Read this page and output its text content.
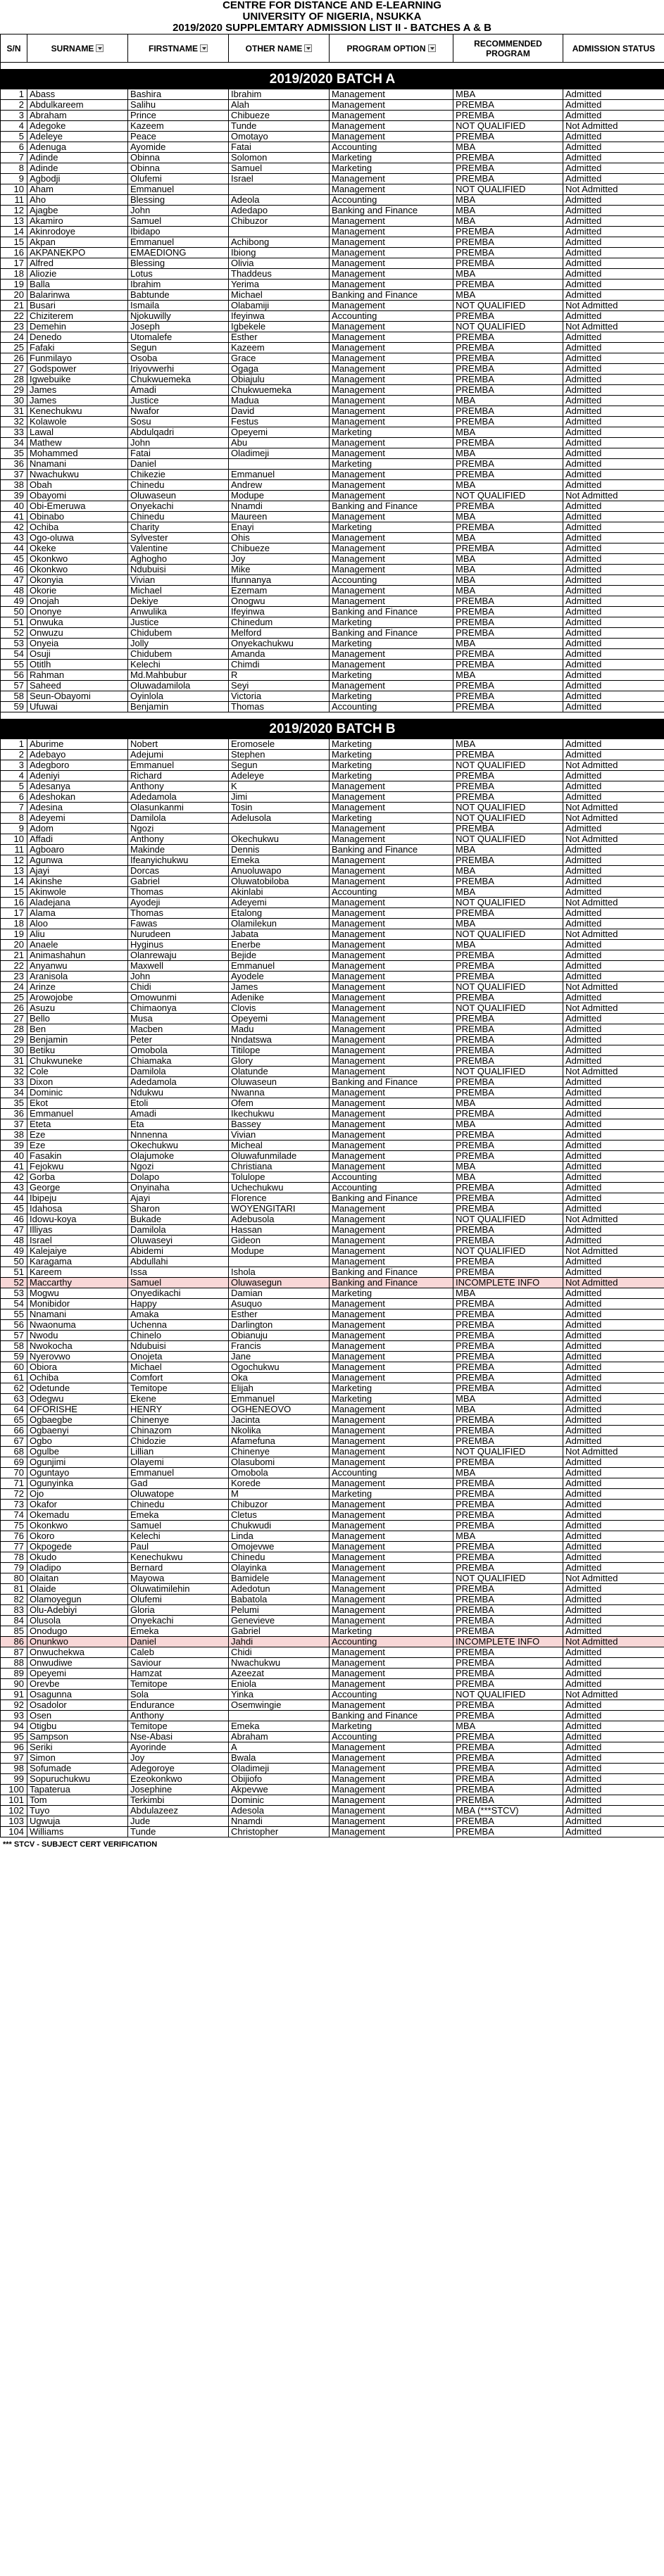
CENTRE FOR DISTANCE AND E-LEARNING
UNIVERSITY OF NIGERIA, NSUKKA
2019/2020 SUPPLEMTARY ADMISSION LIST II - BATCHES A & B
S/N	SURNAME	FIRSTNAME	OTHER NAME	PROGRAM OPTION	RECOMMENDED PROGRAM	ADMISSION STATUS

2019/2020 BATCH A						
1	Abass	Bashira	Ibrahim	Management	MBA	Admitted
2	Abdulkareem	Salihu	Alah	Management	PREMBA	Admitted
3	Abraham	Prince	Chibueze	Management	PREMBA	Admitted
4	Adegoke	Kazeem	Tunde	Management	NOT QUALIFIED	Not Admitted
5	Adeleye	Peace	Omotayo	Management	PREMBA	Admitted
6	Adenuga	Ayomide	Fatai	Accounting	MBA	Admitted
7	Adinde	Obinna	Solomon	Marketing	PREMBA	Admitted
8	Adinde	Obinna	Samuel	Marketing	PREMBA	Admitted
9	Agbodji	Olufemi	Israel	Management	PREMBA	Admitted
10	Aham	Emmanuel		Management	NOT QUALIFIED	Not Admitted
11	Aho	Blessing	Adeola	Accounting	MBA	Admitted
12	Ajagbe	John	Adedapo	Banking and Finance	MBA	Admitted
13	Akamiro	Samuel	Chibuzor	Management	MBA	Admitted
14	Akinrodoye	Ibidapo		Management	PREMBA	Admitted
15	Akpan	Emmanuel	Achibong	Management	PREMBA	Admitted
16	AKPANEKPO	EMAEDIONG	Ibiong	Management	PREMBA	Admitted
17	Alfred	Blessing	Olivia	Management	PREMBA	Admitted
18	Aliozie	Lotus	Thaddeus	Management	MBA	Admitted
19	Balla	Ibrahim	Yerima	Management	PREMBA	Admitted
20	Balarinwa	Babtunde	Michael	Banking and Finance	MBA	Admitted
21	Busari	Ismaila	Olabamiji	Management	NOT QUALIFIED	Not Admitted
22	Chiziterem	Njokuwilly	Ifeyinwa	Accounting	PREMBA	Admitted
23	Demehin	Joseph	Igbekele	Management	NOT QUALIFIED	Not Admitted
24	Denedo	Utomalefe	Esther	Management	PREMBA	Admitted
25	Fafaki	Segun	Kazeem	Management	PREMBA	Admitted
26	Funmilayo	Osoba	Grace	Management	PREMBA	Admitted
27	Godspower	Iriyovwerhi	Ogaga	Management	PREMBA	Admitted
28	Igwebuike	Chukwuemeka	Obiajulu	Management	PREMBA	Admitted
29	James	Amadi	Chukwuemeka	Management	PREMBA	Admitted
30	James	Justice	Madua	Management	MBA	Admitted
31	Kenechukwu	Nwafor	David	Management	PREMBA	Admitted
32	Kolawole	Sosu	Festus	Management	PREMBA	Admitted
33	Lawal	Abdulqadri	Opeyemi	Marketing	MBA	Admitted
34	Mathew	John	Abu	Management	PREMBA	Admitted
35	Mohammed	Fatai	Oladimeji	Management	MBA	Admitted
36	Nnamani	Daniel		Marketing	PREMBA	Admitted
37	Nwachukwu	Chikezie	Emmanuel	Management	PREMBA	Admitted
38	Obah	Chinedu	Andrew	Management	MBA	Admitted
39	Obayomi	Oluwaseun	Modupe	Management	NOT QUALIFIED	Not Admitted
40	Obi-Emeruwa	Onyekachi	Nnamdi	Banking and Finance	PREMBA	Admitted
41	Obinabo	Chinedu	Maureen	Management	MBA	Admitted
42	Ochiba	Charity	Enayi	Marketing	PREMBA	Admitted
43	Ogo-oluwa	Sylvester	Ohis	Management	MBA	Admitted
44	Okeke	Valentine	Chibueze	Management	PREMBA	Admitted
45	Okonkwo	Aghogho	Joy	Management	MBA	Admitted
46	Okonkwo	Ndubuisi	Mike	Management	MBA	Admitted
47	Okonyia	Vivian	Ifunnanya	Accounting	MBA	Admitted
48	Okorie	Michael	Ezemam	Management	MBA	Admitted
49	Onojah	Dekiye	Onogwu	Management	PREMBA	Admitted
50	Ononye	Anwulika	Ifeyinwa	Banking and Finance	PREMBA	Admitted
51	Onwuka	Justice	Chinedum	Marketing	PREMBA	Admitted
52	Onwuzu	Chidubem	Melford	Banking and Finance	PREMBA	Admitted
53	Onyeia	Jolly	Onyekachukwu	Marketing	MBA	Admitted
54	Osuji	Chidubem	Amanda	Management	PREMBA	Admitted
55	Otitlh	Kelechi	Chimdi	Management	PREMBA	Admitted
56	Rahman	Md.Mahbubur	R	Marketing	MBA	Admitted
57	Saheed	Oluwadamilola	Seyi	Management	PREMBA	Admitted
58	Seun-Obayomi	Oyinlola	Victoria	Marketing	PREMBA	Admitted
59	Ufuwai	Benjamin	Thomas	Accounting	PREMBA	Admitted

2019/2020 BATCH B						
1	Aburime	Nobert	Eromosele	Marketing	MBA	Admitted
2	Adebayo	Adejumi	Stephen	Marketing	PREMBA	Admitted
3	Adegboro	Emmanuel	Segun	Marketing	NOT QUALIFIED	Not Admitted
4	Adeniyi	Richard	Adeleye	Marketing	PREMBA	Admitted
5	Adesanya	Anthony	K	Management	PREMBA	Admitted
6	Adeshokan	Adedamola	Jimi	Management	PREMBA	Admitted
7	Adesina	Olasunkanmi	Tosin	Management	NOT QUALIFIED	Not Admitted
8	Adeyemi	Damilola	Adelusola	Marketing	NOT QUALIFIED	Not Admitted
9	Adom	Ngozi		Management	PREMBA	Admitted
10	Affadi	Anthony	Okechukwu	Management	NOT QUALIFIED	Not Admitted
11	Agboaro	Makinde	Dennis	Banking and Finance	MBA	Admitted
12	Agunwa	Ifeanyichukwu	Emeka	Management	PREMBA	Admitted
13	Ajayi	Dorcas	Anuoluwapo	Management	MBA	Admitted
14	Akinshe	Gabriel	Oluwatobiloba	Management	PREMBA	Admitted
15	Akinwole	Thomas	Akinlabi	Accounting	MBA	Admitted
16	Aladejana	Ayodeji	Adeyemi	Management	NOT QUALIFIED	Not Admitted
17	Alama	Thomas	Etalong	Management	PREMBA	Admitted
18	Aloo	Fawas	Olamilekun	Management	MBA	Admitted
19	Aliu	Nurudeen	Jabata	Management	NOT QUALIFIED	Not Admitted
20	Anaele	Hyginus	Enerbe	Management	MBA	Admitted
21	Animashahun	Olanrewaju	Bejide	Management	PREMBA	Admitted
22	Anyanwu	Maxwell	Emmanuel	Management	PREMBA	Admitted
23	Aranisola	John	Ayodele	Management	PREMBA	Admitted
24	Arinze	Chidi	James	Management	NOT QUALIFIED	Not Admitted
25	Arowojobe	Omowunmi	Adenike	Management	PREMBA	Admitted
26	Asuzu	Chimaonya	Clovis	Management	NOT QUALIFIED	Not Admitted
27	Bello	Musa	Opeyemi	Management	PREMBA	Admitted
28	Ben	Macben	Madu	Management	PREMBA	Admitted
29	Benjamin	Peter	Nndatswa	Management	PREMBA	Admitted
30	Betiku	Omobola	Titilope	Management	PREMBA	Admitted
31	Chukwuneke	Chiamaka	Glory	Management	PREMBA	Admitted
32	Cole	Damilola	Olatunde	Management	NOT QUALIFIED	Not Admitted
33	Dixon	Adedamola	Oluwaseun	Banking and Finance	PREMBA	Admitted
34	Dominic	Ndukwu	Nwanna	Management	PREMBA	Admitted
35	Ekot	Etoli	Ofem	Management	MBA	Admitted
36	Emmanuel	Amadi	Ikechukwu	Management	PREMBA	Admitted
37	Eteta	Eta	Bassey	Management	MBA	Admitted
38	Eze	Nnnenna	Vivian	Management	PREMBA	Admitted
39	Eze	Okechukwu	Micheal	Management	PREMBA	Admitted
40	Fasakin	Olajumoke	Oluwafunmilade	Management	PREMBA	Admitted
41	Fejokwu	Ngozi	Christiana	Management	MBA	Admitted
42	Gorba	Dolapo	Tolulope	Accounting	MBA	Admitted
43	George	Onyinaha	Uchechukwu	Accounting	PREMBA	Admitted
44	Ibipeju	Ajayi	Florence	Banking and Finance	PREMBA	Admitted
45	Idahosa	Sharon	WOYENGITARI	Management	PREMBA	Admitted
46	Idowu-koya	Bukade	Adebusola	Management	NOT QUALIFIED	Not Admitted
47	Illiyas	Damilola	Hassan	Management	PREMBA	Admitted
48	Israel	Oluwaseyi	Gideon	Management	PREMBA	Admitted
49	Kalejaiye	Abidemi	Modupe	Management	NOT QUALIFIED	Not Admitted
50	Karagama	Abdullahi		Management	PREMBA	Admitted
51	Kareem	Issa	Ishola	Banking and Finance	PREMBA	Admitted
52	Maccarthy	Samuel	Oluwasegun	Banking and Finance	INCOMPLETE INFO	Not Admitted
53	Mogwu	Onyedikachi	Damian	Marketing	MBA	Admitted
54	Monibidor	Happy	Asuquo	Management	PREMBA	Admitted
55	Nnamani	Amaka	Esther	Management	PREMBA	Admitted
56	Nwaonuma	Uchenna	Darlington	Management	PREMBA	Admitted
57	Nwodu	Chinelo	Obianuju	Management	PREMBA	Admitted
58	Nwokocha	Ndubuisi	Francis	Management	PREMBA	Admitted
59	Nyerovwo	Onojeta	Jane	Management	PREMBA	Admitted
60	Obiora	Michael	Ogochukwu	Management	PREMBA	Admitted
61	Ochiba	Comfort	Oka	Management	PREMBA	Admitted
62	Odetunde	Temitope	Elijah	Marketing	PREMBA	Admitted
63	Odegwu	Ekene	Emmanuel	Marketing	MBA	Admitted
64	OFORISHE	HENRY	OGHENEOVO	Management	MBA	Admitted
65	Ogbaegbe	Chinenye	Jacinta	Management	PREMBA	Admitted
66	Ogbaenyi	Chinazom	Nkolika	Management	PREMBA	Admitted
67	Ogbo	Chidozie	Afamefuna	Management	PREMBA	Admitted
68	Ogulbe	Lillian	Chinenye	Management	NOT QUALIFIED	Not Admitted
69	Ogunjimi	Olayemi	Olasubomi	Management	PREMBA	Admitted
70	Oguntayo	Emmanuel	Omobola	Accounting	MBA	Admitted
71	Ogunyinka	Gad	Korede	Management	PREMBA	Admitted
72	Ojo	Oluwatope	M	Marketing	PREMBA	Admitted
73	Okafor	Chinedu	Chibuzor	Management	PREMBA	Admitted
74	Okemadu	Emeka	Cletus	Management	PREMBA	Admitted
75	Okonkwo	Samuel	Chukwudi	Management	PREMBA	Admitted
76	Okoro	Kelechi	Linda	Management	MBA	Admitted
77	Okpogede	Paul	Omojevwe	Management	PREMBA	Admitted
78	Okudo	Kenechukwu	Chinedu	Management	PREMBA	Admitted
79	Oladipo	Bernard	Olayinka	Management	PREMBA	Admitted
80	Olaitan	Mayowa	Bamidele	Management	NOT QUALIFIED	Not Admitted
81	Olaide	Oluwatimilehin	Adedotun	Management	PREMBA	Admitted
82	Olamoyegun	Olufemi	Babatola	Management	PREMBA	Admitted
83	Olu-Adebiyi	Gloria	Pelumi	Management	PREMBA	Admitted
84	Olusola	Onyekachi	Genevieve	Management	PREMBA	Admitted
85	Onodugo	Emeka	Gabriel	Marketing	PREMBA	Admitted
86	Onunkwo	Daniel	Jahdi	Accounting	INCOMPLETE INFO	Not Admitted
87	Onwuchekwa	Caleb	Chidi	Management	PREMBA	Admitted
88	Onwudiwe	Saviour	Nwachukwu	Management	PREMBA	Admitted
89	Opeyemi	Hamzat	Azeezat	Management	PREMBA	Admitted
90	Orevbe	Temitope	Eniola	Management	PREMBA	Admitted
91	Osagunna	Sola	Yinka	Accounting	NOT QUALIFIED	Not Admitted
92	Osadolor	Endurance	Osemwingie	Management	PREMBA	Admitted
93	Osen	Anthony		Banking and Finance	PREMBA	Admitted
94	Otigbu	Temitope	Emeka	Marketing	MBA	Admitted
95	Sampson	Nse-Abasi	Abraham	Accounting	PREMBA	Admitted
96	Seriki	Ayorinde	A	Management	PREMBA	Admitted
97	Simon	Joy	Bwala	Management	PREMBA	Admitted
98	Sofumade	Adegoroye	Oladimeji	Management	PREMBA	Admitted
99	Sopuruchukwu	Ezeokonkwo	Obijiofo	Management	PREMBA	Admitted
100	Tapaterua	Josephine	Akpevwe	Management	PREMBA	Admitted
101	Tom	Terkimbi	Dominic	Management	PREMBA	Admitted
102	Tuyo	Abdulazeez	Adesola	Management	MBA (***STCV)	Admitted
103	Ugwuja	Jude	Nnamdi	Management	PREMBA	Admitted
104	Williams	Tunde	Christopher	Management	PREMBA	Admitted
*** STCV - SUBJECT CERT VERIFICATION
